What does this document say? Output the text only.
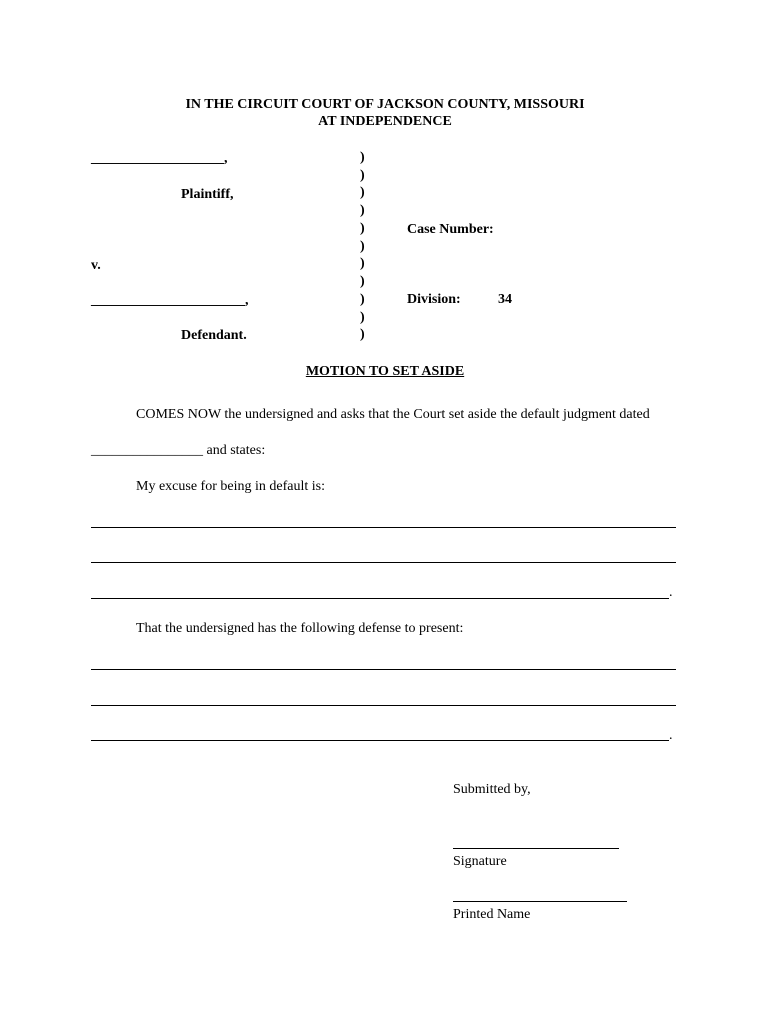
IN THE CIRCUIT COURT OF JACKSON COUNTY, MISSOURI
AT INDEPENDENCE
___________________,
Plaintiff,
v.
______________________,
Defendant.
)
)
)
)
)
)
)
)
)
)
)
Case Number:
Division:	34
MOTION TO SET ASIDE
COMES NOW the undersigned and asks that the Court set aside the default judgment dated
________________ and states:
My excuse for being in default is:
.
That the undersigned has the following defense to present:
.
Submitted by,
Signature
Printed Name
